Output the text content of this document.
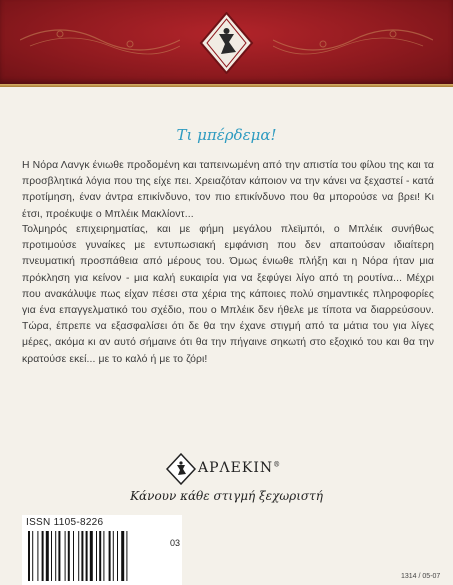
Τι μπέρδεμα!

Η Νόρα Λανγκ ένιωθε προδομένη και ταπεινωμένη από την απιστία του φίλου της και τα προσβλητικά λόγια που της είχε πει. Χρειαζόταν κάποιον να την κάνει να ξεχαστεί - κατά προτίμηση, έναν άντρα επικίνδυνο, τον πιο επικίνδυνο που θα μπορούσε να βρει! Κι έτσι, προέκυψε ο Μπλέικ Μακλίοντ...

Τολμηρός επιχειρηματίας, και με φήμη μεγάλου πλεϊμπόι, ο Μπλέικ συνήθως προτιμούσε γυναίκες με εντυπωσιακή εμφάνιση που δεν απαιτούσαν ιδιαίτερη πνευματική προσπάθεια από μέρους του. Όμως ένιωθε πλήξη και η Νόρα ήταν μια πρόκληση για κείνον - μια καλή ευκαιρία για να ξεφύγει λίγο από τη ρουτίνα... Μέχρι που ανακάλυψε πως είχαν πέσει στα χέρια της κάποιες πολύ σημαντικές πληροφορίες για ένα επαγγελματικό του σχέδιο, που ο Μπλέικ δεν ήθελε με τίποτα να διαρρεύσουν. Τώρα, έπρεπε να εξασφαλίσει ότι δε θα την έχανε στιγμή από τα μάτια του για λίγες μέρες, ακόμα κι αν αυτό σήμαινε ότι θα την πήγαινε σηκωτή στο εξοχικό του και θα την κρατούσε εκεί... με το καλό ή με το ζόρι!

ΑΡΛΕΚΙΝ®
Κάνουν κάθε στιγμή ξεχωριστή
ISSN 1105-8226
03
1314 / 05-07
